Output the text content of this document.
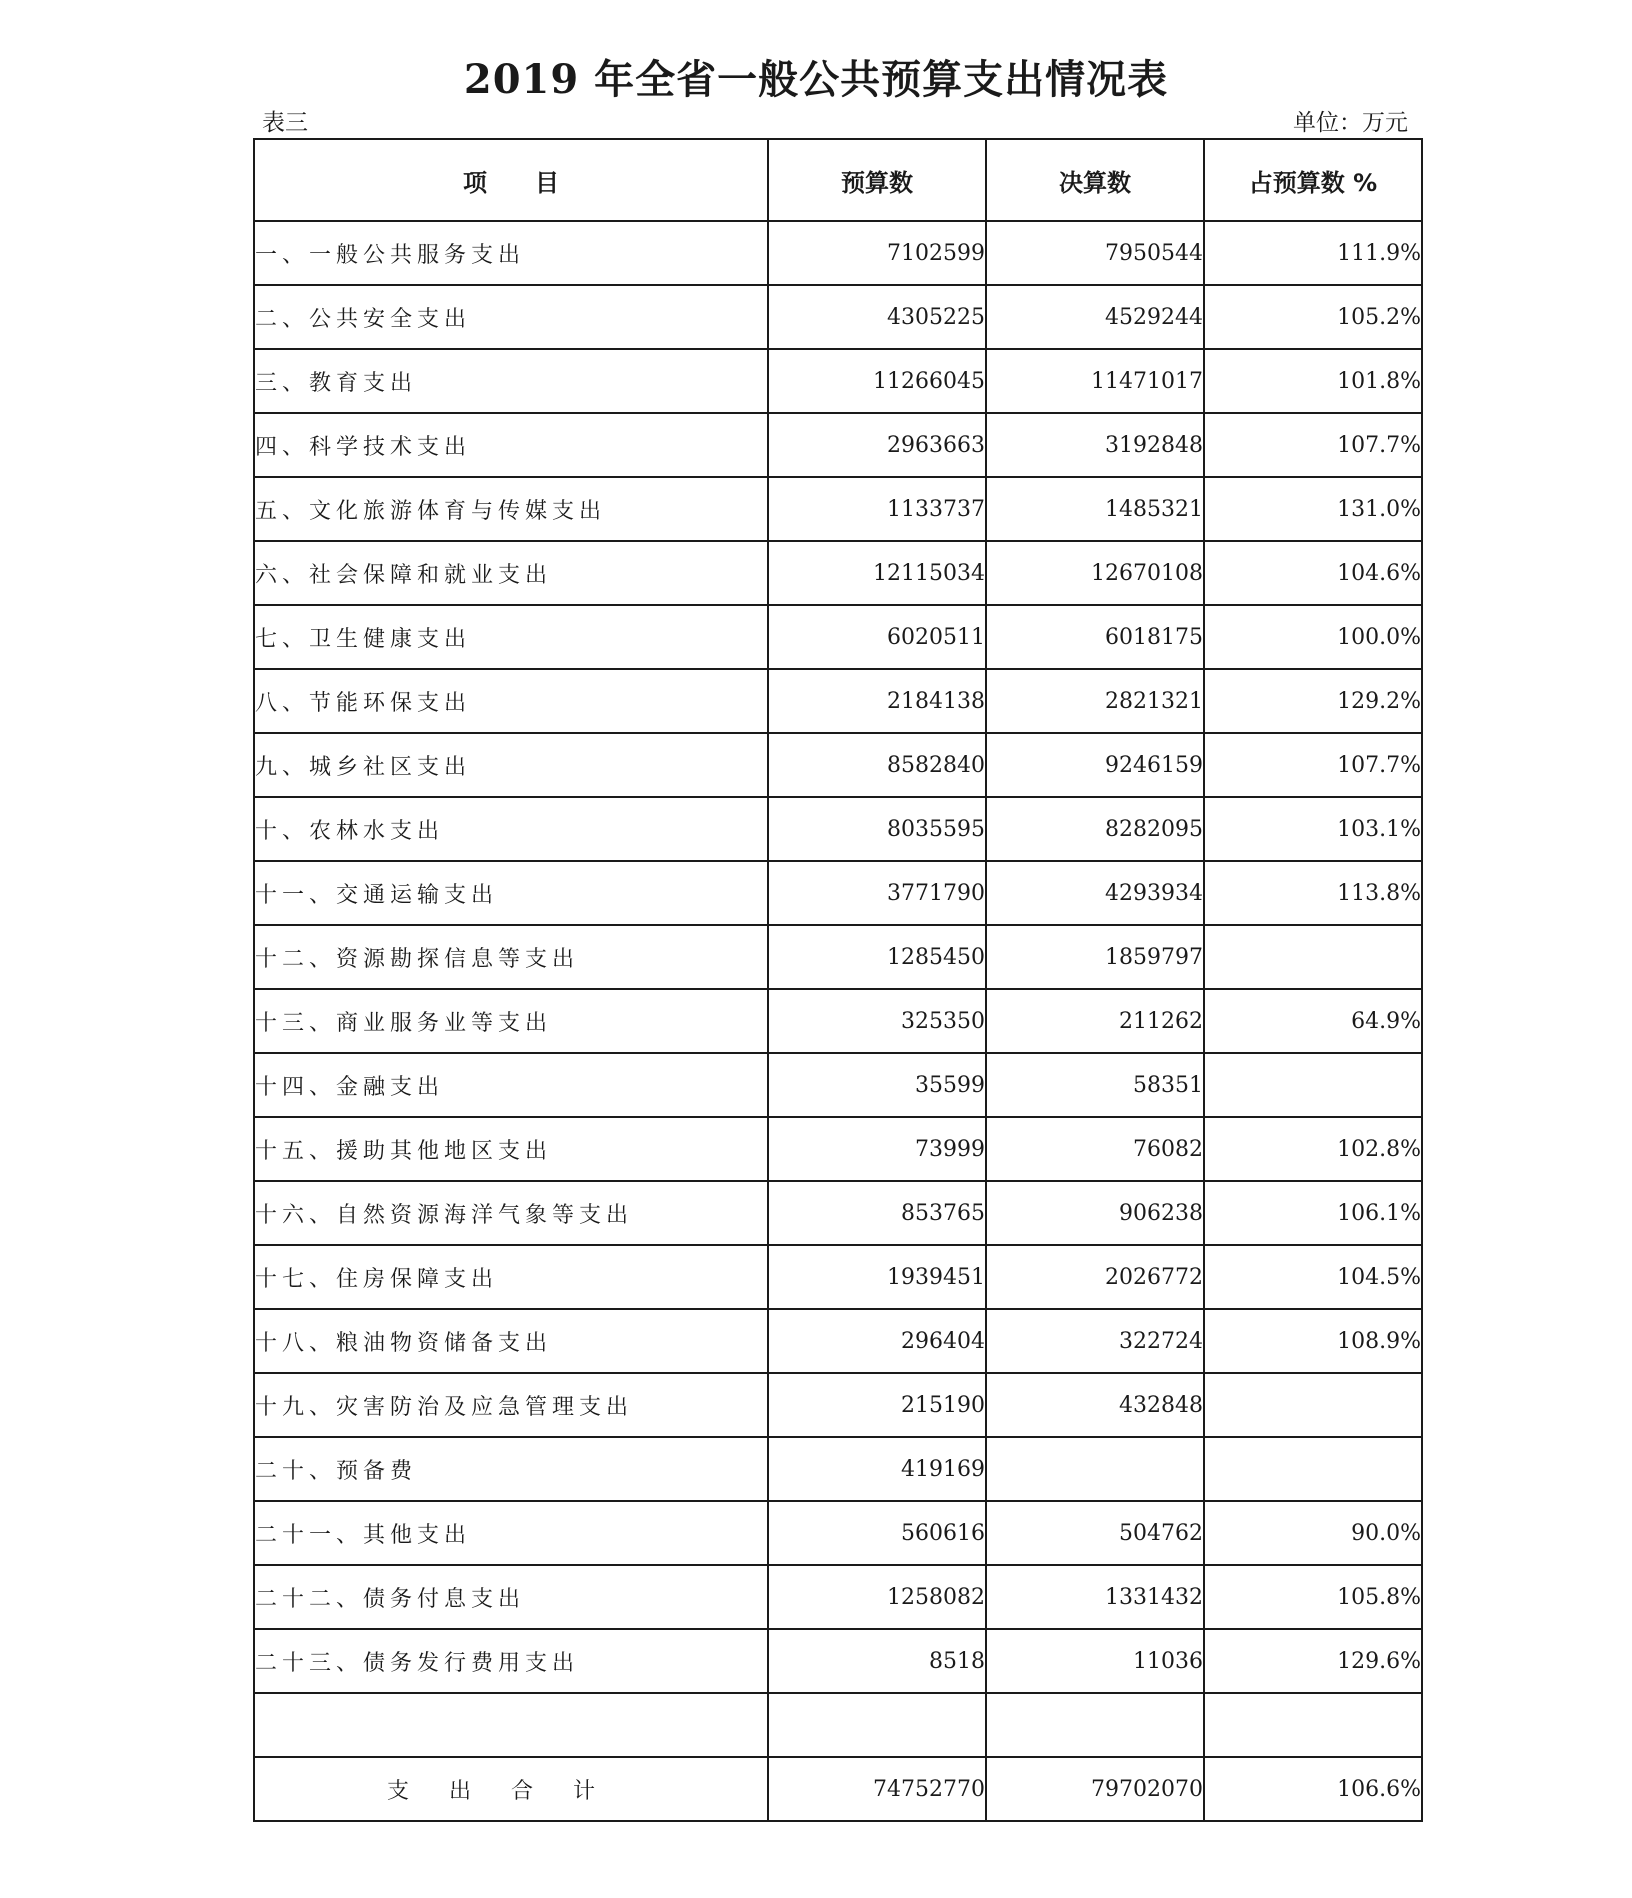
2019 年全省一般公共预算支出情况表
表三	单位：万元
项　　目	预算数	决算数	占预算数 %
一、一般公共服务支出	7102599	7950544	111.9%
二、公共安全支出	4305225	4529244	105.2%
三、教育支出	11266045	11471017	101.8%
四、科学技术支出	2963663	3192848	107.7%
五、文化旅游体育与传媒支出	1133737	1485321	131.0%
六、社会保障和就业支出	12115034	12670108	104.6%
七、卫生健康支出	6020511	6018175	100.0%
八、节能环保支出	2184138	2821321	129.2%
九、城乡社区支出	8582840	9246159	107.7%
十、农林水支出	8035595	8282095	103.1%
十一、交通运输支出	3771790	4293934	113.8%
十二、资源勘探信息等支出	1285450	1859797	
十三、商业服务业等支出	325350	211262	64.9%
十四、金融支出	35599	58351	
十五、援助其他地区支出	73999	76082	102.8%
十六、自然资源海洋气象等支出	853765	906238	106.1%
十七、住房保障支出	1939451	2026772	104.5%
十八、粮油物资储备支出	296404	322724	108.9%
十九、灾害防治及应急管理支出	215190	432848	
二十、预备费	419169		
二十一、其他支出	560616	504762	90.0%
二十二、债务付息支出	1258082	1331432	105.8%
二十三、债务发行费用支出	8518	11036	129.6%

支出合计	74752770	79702070	106.6%
